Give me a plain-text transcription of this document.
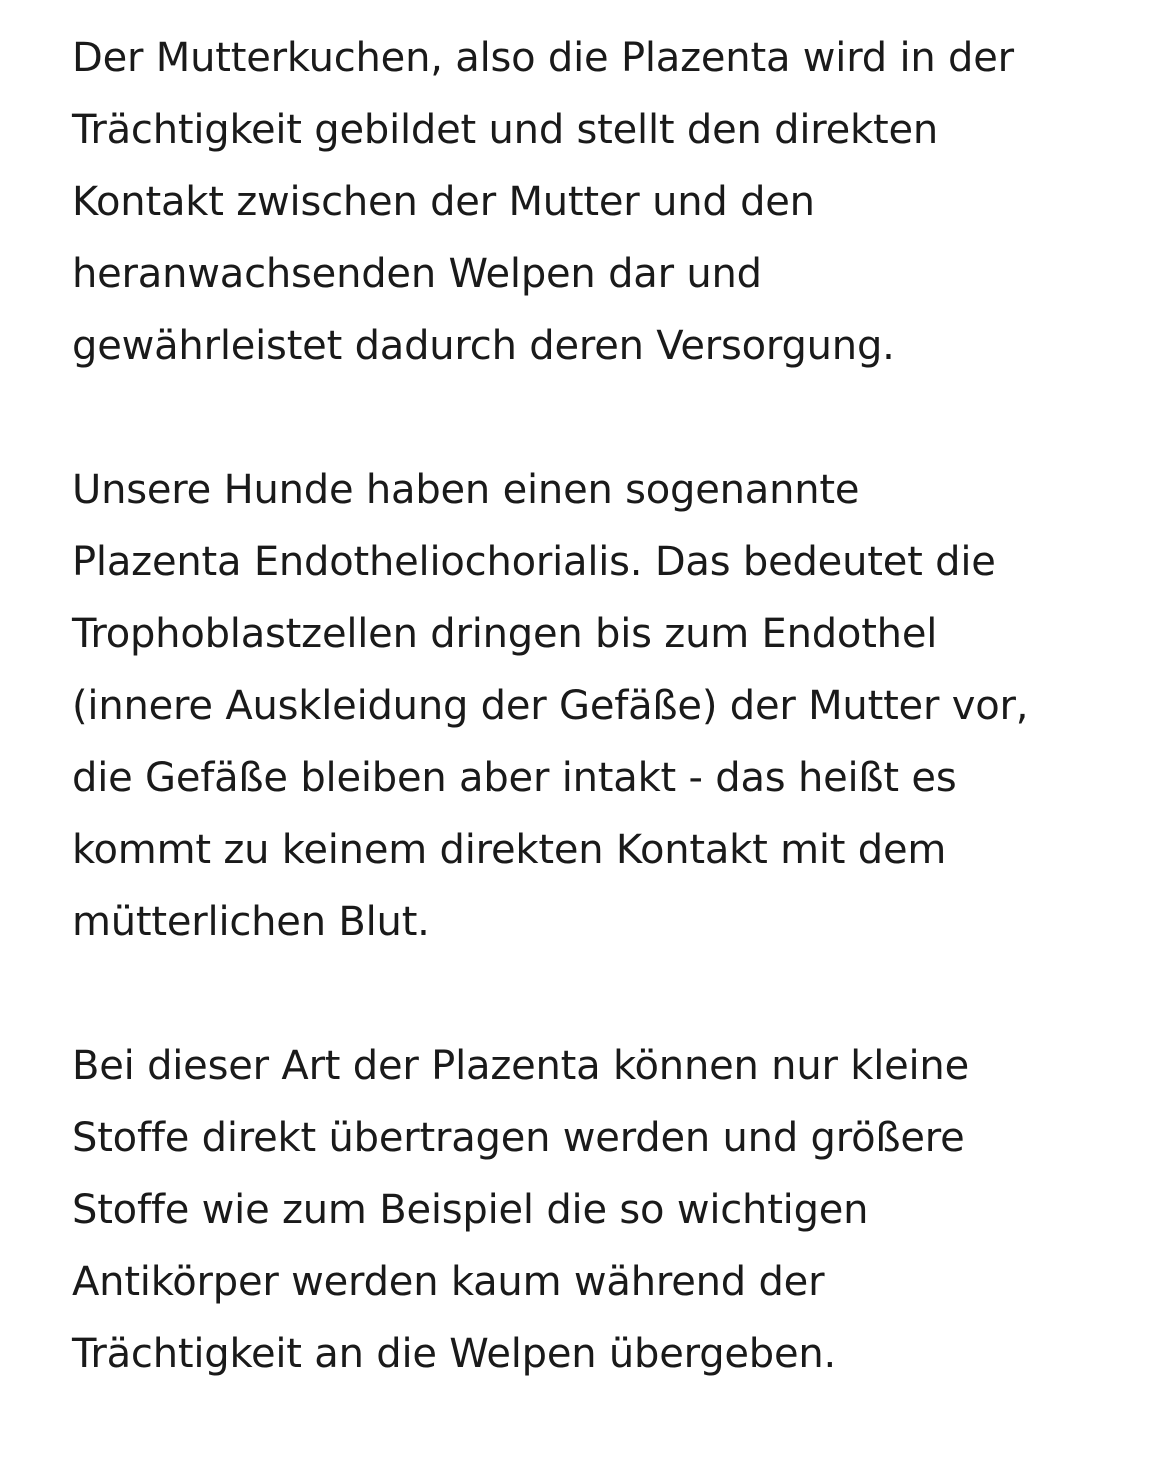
Der Mutterkuchen, also die Plazenta wird in der
Trächtigkeit gebildet und stellt den direkten
Kontakt zwischen der Mutter und den
heranwachsenden Welpen dar und
gewährleistet dadurch deren Versorgung.

Unsere Hunde haben einen sogenannte
Plazenta Endotheliochorialis. Das bedeutet die
Trophoblastzellen dringen bis zum Endothel
(innere Auskleidung der Gefäße) der Mutter vor,
die Gefäße bleiben aber intakt - das heißt es
kommt zu keinem direkten Kontakt mit dem
mütterlichen Blut.

Bei dieser Art der Plazenta können nur kleine
Stoffe direkt übertragen werden und größere
Stoffe wie zum Beispiel die so wichtigen
Antikörper werden kaum während der
Trächtigkeit an die Welpen übergeben.
